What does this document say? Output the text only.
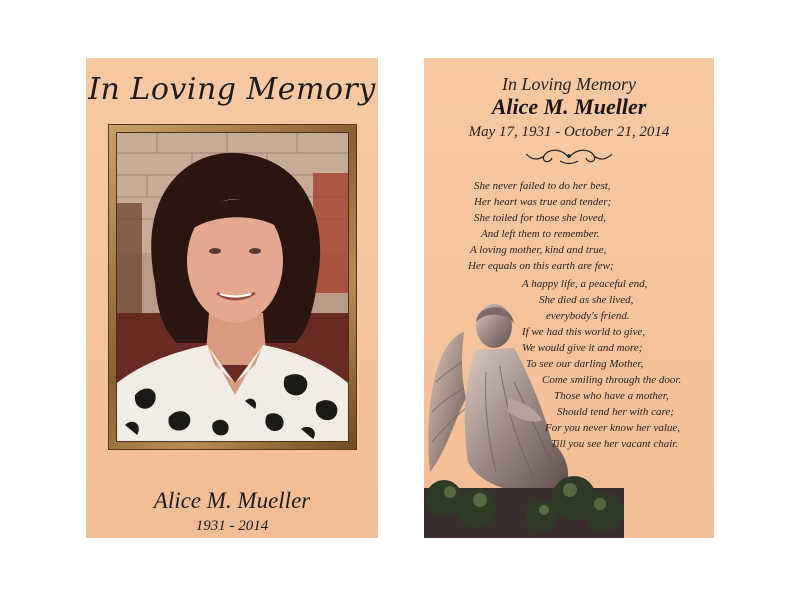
In Loving Memory
Alice M. Mueller
1931 - 2014
In Loving Memory
Alice M. Mueller
May 17, 1931 - October 21, 2014
She never failed to do her best,
Her heart was true and tender;
She toiled for those she loved,
And left them to remember.
A loving mother, kind and true,
Her equals on this earth are few;
A happy life, a peaceful end,
She died as she lived,
everybody's friend.
If we had this world to give,
We would give it and more;
To see our darling Mother,
Come smiling through the door.
Those who have a mother,
Should tend her with care;
For you never know her value,
Till you see her vacant chair.
